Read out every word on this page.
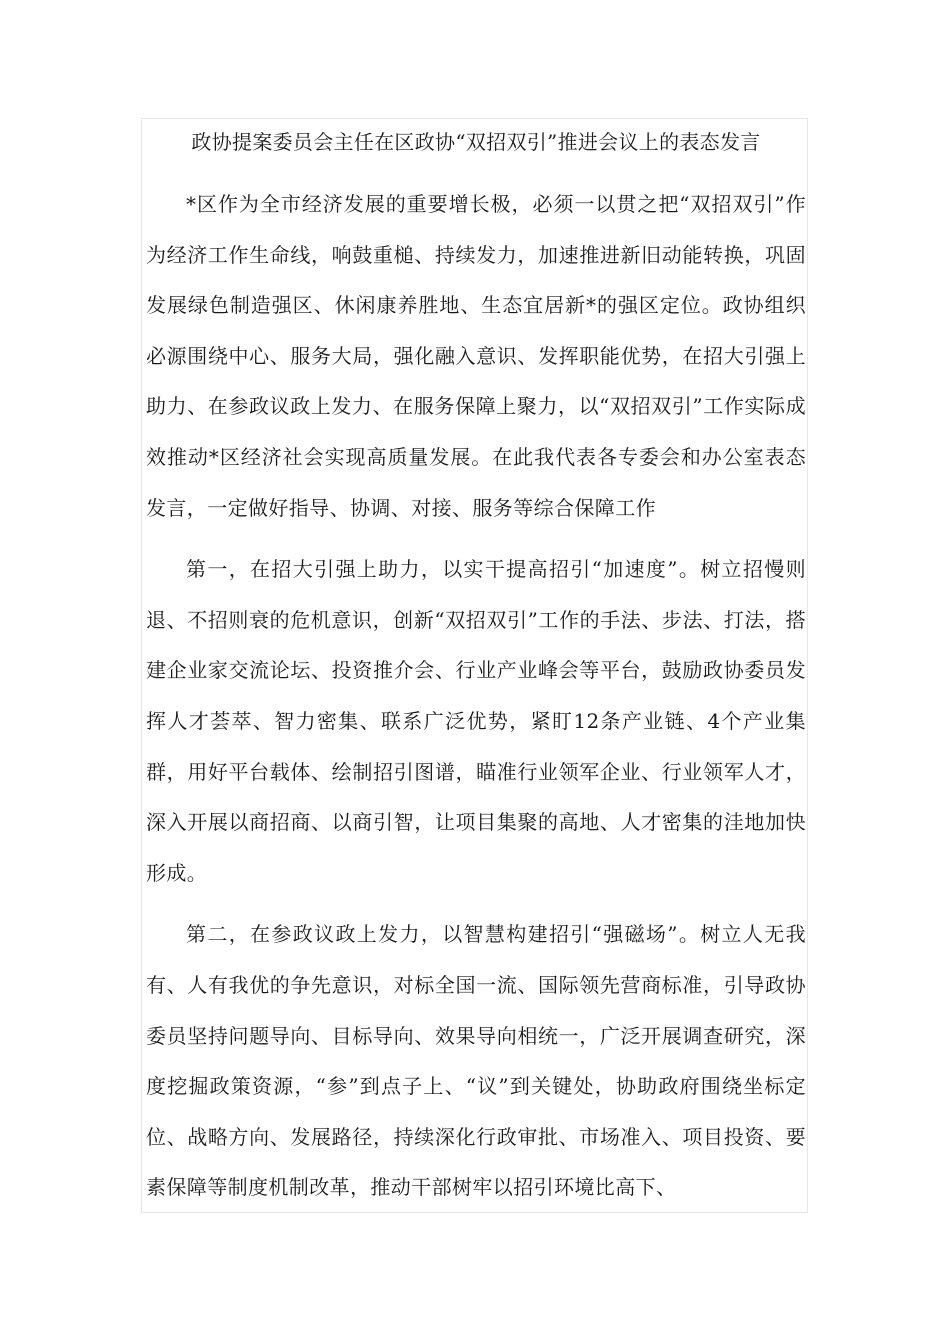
政协提案委员会主任在区政协“双招双引”推进会议上的表态发言

*区作为全市经济发展的重要增长极，必须一以贯之把“双招双引”作为经济工作生命线，响鼓重槌、持续发力，加速推进新旧动能转换，巩固发展绿色制造强区、休闲康养胜地、生态宜居新*的强区定位。政协组织必源围绕中心、服务大局，强化融入意识、发挥职能优势，在招大引强上助力、在参政议政上发力、在服务保障上聚力，以“双招双引”工作实际成效推动*区经济社会实现高质量发展。在此我代表各专委会和办公室表态发言，一定做好指导、协调、对接、服务等综合保障工作

第一，在招大引强上助力，以实干提高招引“加速度”。树立招慢则退、不招则衰的危机意识，创新“双招双引”工作的手法、步法、打法，搭建企业家交流论坛、投资推介会、行业产业峰会等平台，鼓励政协委员发挥人才荟萃、智力密集、联系广泛优势，紧盯12条产业链、4个产业集群，用好平台载体、绘制招引图谱，瞄准行业领军企业、行业领军人才，深入开展以商招商、以商引智，让项目集聚的高地、人才密集的洼地加快形成。

第二，在参政议政上发力，以智慧构建招引“强磁场”。树立人无我有、人有我优的争先意识，对标全国一流、国际领先营商标准，引导政协委员坚持问题导向、目标导向、效果导向相统一，广泛开展调查研究，深度挖掘政策资源，“参”到点子上、“议”到关键处，协助政府围绕坐标定位、战略方向、发展路径，持续深化行政审批、市场准入、项目投资、要素保障等制度机制改革，推动干部树牢以招引环境比高下、
